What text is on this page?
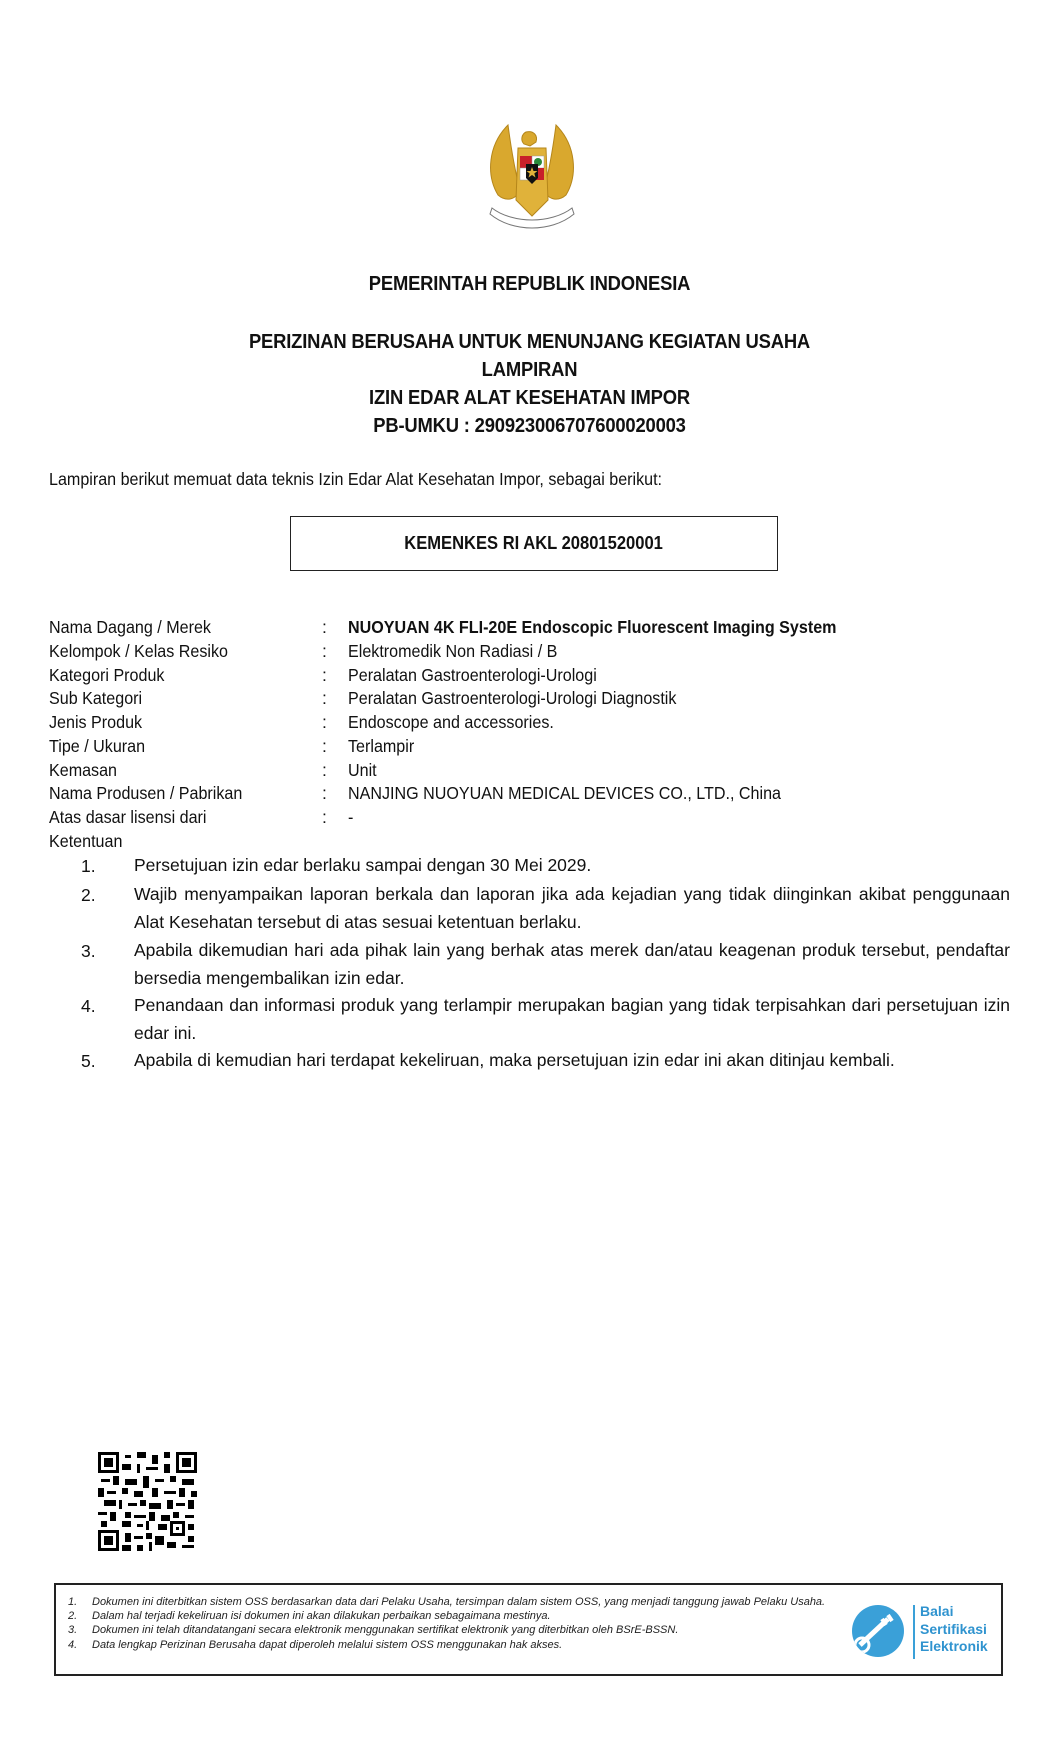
PEMERINTAH REPUBLIK INDONESIA
PERIZINAN BERUSAHA UNTUK MENUNJANG KEGIATAN USAHA
LAMPIRAN
IZIN EDAR ALAT KESEHATAN IMPOR
PB-UMKU : 290923006707600020003
Lampiran berikut memuat data teknis Izin Edar Alat Kesehatan Impor, sebagai berikut:
KEMENKES RI AKL 20801520001
Nama Dagang / Merek	: NUOYUAN 4K FLI-20E Endoscopic Fluorescent Imaging System
Kelompok / Kelas Resiko	: Elektromedik Non Radiasi / B
Kategori Produk	: Peralatan Gastroenterologi-Urologi
Sub Kategori	: Peralatan Gastroenterologi-Urologi Diagnostik
Jenis Produk	: Endoscope and accessories.
Tipe / Ukuran	: Terlampir
Kemasan	: Unit
Nama Produsen / Pabrikan	: NANJING NUOYUAN MEDICAL DEVICES CO., LTD., China
Atas dasar lisensi dari	: -
Ketentuan
1. Persetujuan izin edar berlaku sampai dengan 30 Mei 2029.
2. Wajib menyampaikan laporan berkala dan laporan jika ada kejadian yang tidak diinginkan akibat penggunaan Alat Kesehatan tersebut di atas sesuai ketentuan berlaku.
3. Apabila dikemudian hari ada pihak lain yang berhak atas merek dan/atau keagenan produk tersebut, pendaftar bersedia mengembalikan izin edar.
4. Penandaan dan informasi produk yang terlampir merupakan bagian yang tidak terpisahkan dari persetujuan izin edar ini.
5. Apabila di kemudian hari terdapat kekeliruan, maka persetujuan izin edar ini akan ditinjau kembali.
1. Dokumen ini diterbitkan sistem OSS berdasarkan data dari Pelaku Usaha, tersimpan dalam sistem OSS, yang menjadi tanggung jawab Pelaku Usaha.
2. Dalam hal terjadi kekeliruan isi dokumen ini akan dilakukan perbaikan sebagaimana mestinya.
3. Dokumen ini telah ditandatangani secara elektronik menggunakan sertifikat elektronik yang diterbitkan oleh BSrE-BSSN.
4. Data lengkap Perizinan Berusaha dapat diperoleh melalui sistem OSS menggunakan hak akses.
Balai
Sertifikasi
Elektronik
